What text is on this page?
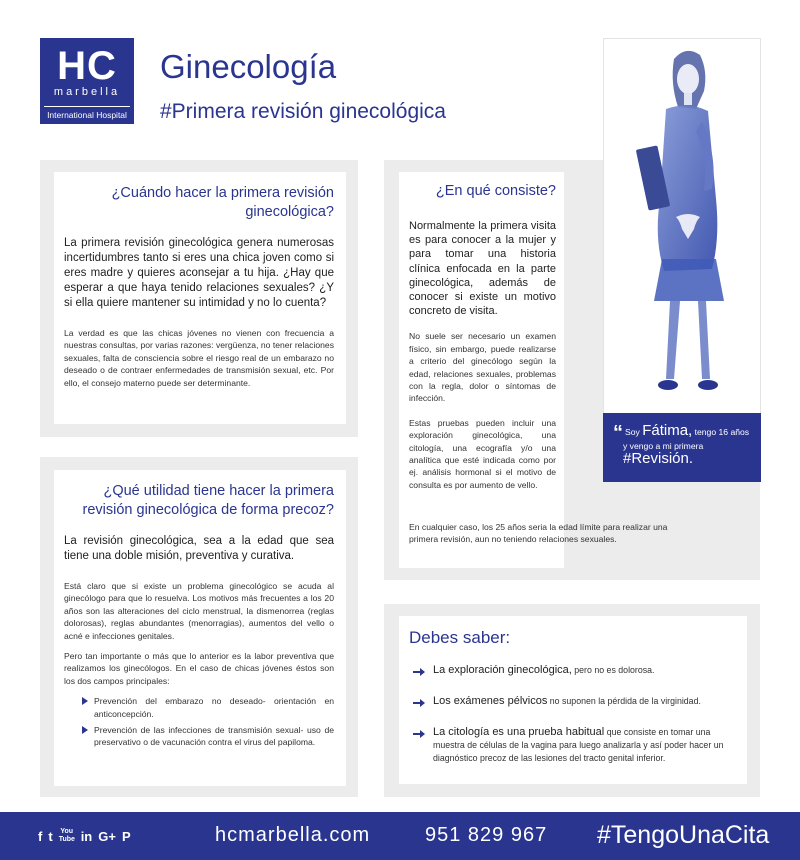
HC
marbella
International Hospital
Ginecología
#Primera revisión ginecológica
¿Cuándo hacer la primera revisión
ginecológica?

La primera revisión ginecológica genera numerosas incertidumbres tanto si eres una chica joven como si eres madre y quieres aconsejar a tu hija. ¿Hay que esperar a que haya tenido relaciones sexuales? ¿Y si ella quiere mantener su intimidad y no lo cuenta?

La verdad es que las chicas jóvenes no vienen con frecuencia a nuestras consultas, por varias razones: vergüenza, no tener relaciones sexuales, falta de consciencia sobre el riesgo real de un embarazo no deseado o de contraer enfermedades de transmisión sexual, etc. Por ello, el consejo materno puede ser determinante.

¿Qué utilidad tiene hacer la primera
revisión ginecológica de forma precoz?

La revisión ginecológica, sea a la edad que sea tiene una doble misión, preventiva y curativa.

Está claro que si existe un problema ginecológico se acuda al ginecólogo para que lo resuelva. Los motivos más frecuentes a los 20 años son las alteraciones del ciclo menstrual, la dismenorrea (reglas dolorosas), reglas abundantes (menorragias), aumentos del vello o acné e infecciones genitales.

Pero tan importante o más que lo anterior es la labor preventiva que realizamos los ginecólogos. En el caso de chicas jóvenes éstos son los dos campos principales:

Prevención del embarazo no deseado- orientación en anticoncepción.
Prevención de las infecciones de transmisión sexual- uso de preservativo o de vacunación contra el virus del papiloma.
¿En qué consiste?

Normalmente la primera visita es para conocer a la mujer y para tomar una historia clínica enfocada en la parte ginecológica, además de conocer si existe un motivo concreto de visita.

No suele ser necesario un examen físico, sin embargo, puede realizarse a criterio del ginecólogo según la edad, relaciones sexuales, problemas con la regla, dolor o síntomas de infección.

Estas pruebas pueden incluir una exploración ginecológica, una citología, una ecografía y/o una analítica que esté indicada como por ej. análisis hormonal si el motivo de consulta es por aumento de vello.

En cualquier caso, los 25 años seria la edad límite para realizar una primera revisión, aun no teniendo relaciones sexuales.

“ Soy Fátima, tengo 16 años
y vengo a mi primera
#Revisión.
Debes saber:
La exploración ginecológica, pero no es dolorosa.
Los exámenes pélvicos no suponen la pérdida de la virginidad.
La citología es una prueba habitual que consiste en tomar una muestra de células de la vagina para luego analizarla y así poder hacer un diagnóstico precoz de las lesiones del tracto genital inferior.
f t You Tube in G+ P	hcmarbella.com	951 829 967 #TengoUnaCita
